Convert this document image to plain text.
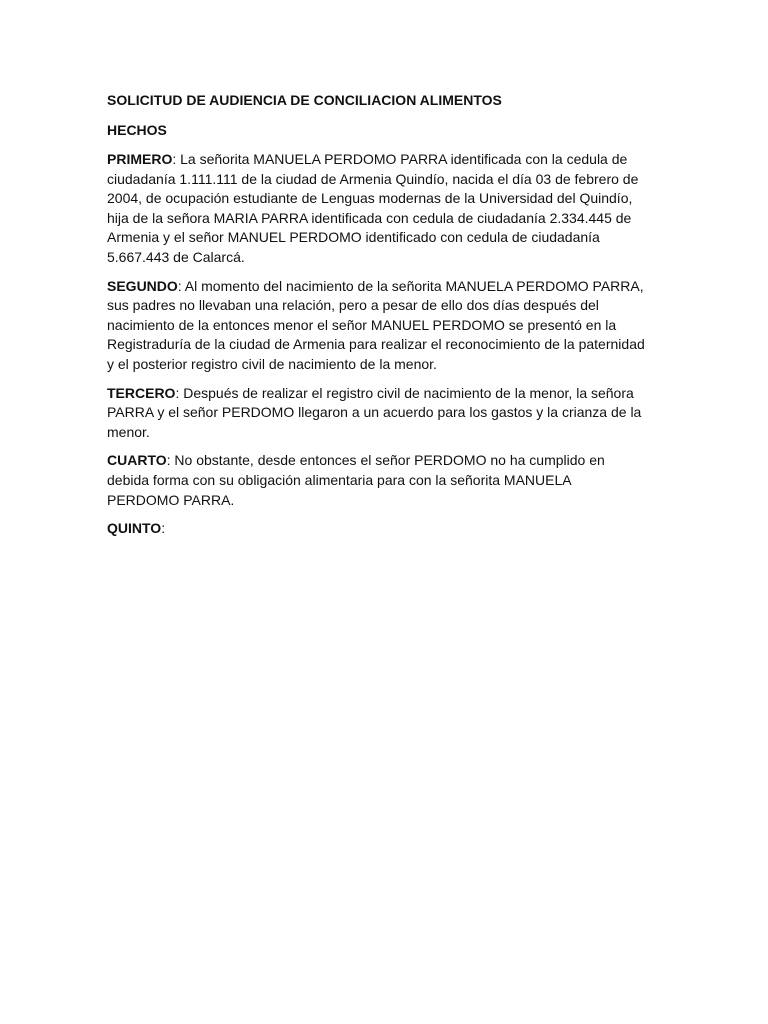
SOLICITUD DE AUDIENCIA DE CONCILIACION ALIMENTOS
HECHOS

PRIMERO: La señorita MANUELA PERDOMO PARRA identificada con la cedula de ciudadanía 1.111.111 de la ciudad de Armenia Quindío, nacida el día 03 de febrero de 2004, de ocupación estudiante de Lenguas modernas de la Universidad del Quindío, hija de la señora MARIA PARRA identificada con cedula de ciudadanía 2.334.445 de Armenia y el señor MANUEL PERDOMO identificado con cedula de ciudadanía 5.667.443 de Calarcá.

SEGUNDO: Al momento del nacimiento de la señorita MANUELA PERDOMO PARRA, sus padres no llevaban una relación, pero a pesar de ello dos días después del nacimiento de la entonces menor el señor MANUEL PERDOMO se presentó en la Registraduría de la ciudad de Armenia para realizar el reconocimiento de la paternidad y el posterior registro civil de nacimiento de la menor.

TERCERO: Después de realizar el registro civil de nacimiento de la menor, la señora PARRA y el señor PERDOMO llegaron a un acuerdo para los gastos y la crianza de la menor.

CUARTO: No obstante, desde entonces el señor PERDOMO no ha cumplido en debida forma con su obligación alimentaria para con la señorita MANUELA PERDOMO PARRA.

QUINTO:
